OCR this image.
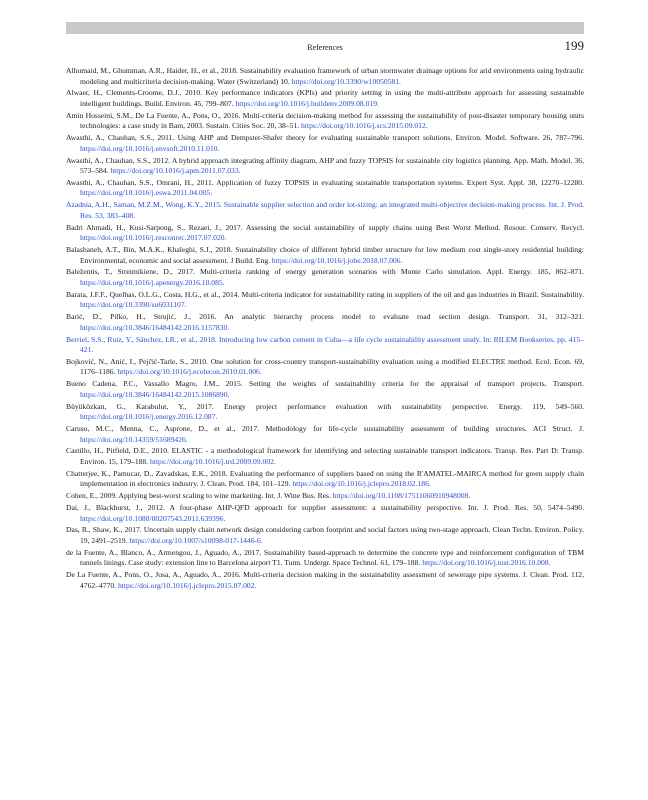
References	199

Alhumaid, M., Ghumman, A.R., Haider, H., et al., 2018. Sustainability evaluation framework of urban stormwater drainage options for arid environments using hydraulic modeling and multicriteria decision-making. Water (Switzerland) 10. https://doi.org/10.3390/w10050581.

Alwaer, H., Clements-Croome, D.J., 2010. Key performance indicators (KPIs) and priority setting in using the multi-attribute approach for assessing sustainable intelligent buildings. Build. Environ. 45, 799–807. https://doi.org/10.1016/j.buildenv.2009.08.019.

Amin Hosseini, S.M., De La Fuente, A., Pons, O., 2016. Multi-criteria decision-making method for assessing the sustainability of post-disaster temporary housing units technologies: a case study in Bam, 2003. Sustain. Cities Soc. 20, 38–51. https://doi.org/10.1016/j.scs.2015.09.012.

Awasthi, A., Chauhan, S.S., 2011. Using AHP and Dempster-Shafer theory for evaluating sustainable transport solutions. Environ. Model. Software. 26, 787–796. https://doi.org/10.1016/j.envsoft.2010.11.010.

Awasthi, A., Chauhan, S.S., 2012. A hybrid approach integrating affinity diagram, AHP and fuzzy TOPSIS for sustainable city logistics planning. App. Math. Model. 36, 573–584. https://doi.org/10.1016/j.apm.2011.07.033.

Awasthi, A., Chauhan, S.S., Omrani, H., 2011. Application of fuzzy TOPSIS in evaluating sustainable transportation systems. Expert Syst. Appl. 38, 12270–12280. https://doi.org/10.1016/j.eswa.2011.04.005.

Azadnia, A.H., Saman, M.Z.M., Wong, K.Y., 2015. Sustainable supplier selection and order lot-sizing: an integrated multi-objective decision-making process. Int. J. Prod. Res. 53, 383–408.

Badri Ahmadi, H., Kusi-Sarpong, S., Rezaei, J., 2017. Assessing the social sustainability of supply chains using Best Worst Method. Resour. Conserv. Recycl. https://doi.org/10.1016/j.resconrec.2017.07.020.

Balasbaneh, A.T., Bin, M.A.K., Khaleghi, S.J., 2018. Sustainability choice of different hybrid timber structure for low medium cost single-story residential building: Environmental, economic and social assessment. J Build. Eng. https://doi.org/10.1016/j.jobe.2018.07.006.

Baležentis, T., Streimikiene, D., 2017. Multi-criteria ranking of energy generation scenarios with Monte Carlo simulation. Appl. Energy. 185, 862–871. https://doi.org/10.1016/j.apenergy.2016.10.085.

Barata, J.F.F., Quelhas, O.L.G., Costa, H.G., et al., 2014. Multi-criteria indicator for sustainability rating in suppliers of the oil and gas industries in Brazil. Sustainability. https://doi.org/10.3390/su6031107.

Barić, D., Pilko, H., Strujić, J., 2016. An analytic hierarchy process model to evaluate road section design. Transport. 31, 312–321. https://doi.org/10.3846/16484142.2016.1157830.

Berriel, S.S., Ruiz, Y., Sánchez, I.R., et al., 2018. Introducing low carbon cement in Cuba—a life cycle sustainability assessment study. In: RILEM Bookseries, pp. 415–421.

Bojković, N., Anić, I., Pejčić-Tarle, S., 2010. One solution for cross-country transport-sustainability evaluation using a modified ELECTRE method. Ecol. Econ. 69, 1176–1186. https://doi.org/10.1016/j.ecolecon.2010.01.006.

Bueno Cadena, P.C., Vassallo Magro, J.M., 2015. Setting the weights of sustainability criteria for the appraisal of transport projects. Transport. https://doi.org/10.3846/16484142.2015.1086890.

Büyüközkan, G., Karabulut, Y., 2017. Energy project performance evaluation with sustainability perspective. Energy. 119, 549–560. https://doi.org/10.1016/j.energy.2016.12.087.

Caruso, M.C., Menna, C., Asprone, D., et al., 2017. Methodology for life-cycle sustainability assessment of building structures. ACI Struct. J. https://doi.org/10.14359/51689426.

Castillo, H., Pitfield, D.E., 2010. ELASTIC - a methodological framework for identifying and selecting sustainable transport indicators. Transp. Res. Part D: Transp. Environ. 15, 179–188. https://doi.org/10.1016/j.trd.2009.09.002.

Chatterjee, K., Pamucar, D., Zavadskas, E.K., 2018. Evaluating the performance of suppliers based on using the R'AMATEL-MAIRCA method for green supply chain implementation in electronics industry. J. Clean. Prod. 184, 101–129. https://doi.org/10.1016/j.jclepro.2018.02.186.

Cohen, E., 2009. Applying best-worst scaling to wine marketing. Int. J. Wine Bus. Res. https://doi.org/10.1108/17511060910948008.

Dai, J., Blackhurst, J., 2012. A four-phase AHP-QFD approach for supplier assessment: a sustainability perspective. Int. J. Prod. Res. 50, 5474–5490. https://doi.org/10.1080/00207543.2011.639396.

Das, R., Shaw, K., 2017. Uncertain supply chain network design considering carbon footprint and social factors using two-stage approach. Clean Techn. Environ. Policy. 19, 2491–2519. https://doi.org/10.1007/s10098-017-1446-6.

de la Fuente, A., Blanco, A., Armengou, J., Aguado, A., 2017. Sustainability based-approach to determine the concrete type and reinforcement configuration of TBM tunnels linings. Case study: extension line to Barcelona airport T1. Tunn. Undergr. Space Technol. 61, 179–188. https://doi.org/10.1016/j.tust.2016.10.008.

De La Fuente, A., Pons, O., Josa, A., Aguado, A., 2016. Multi-criteria decision making in the sustainability assessment of sewerage pipe systems. J. Clean. Prod. 112, 4762–4770. https://doi.org/10.1016/j.jclepro.2015.07.002.
